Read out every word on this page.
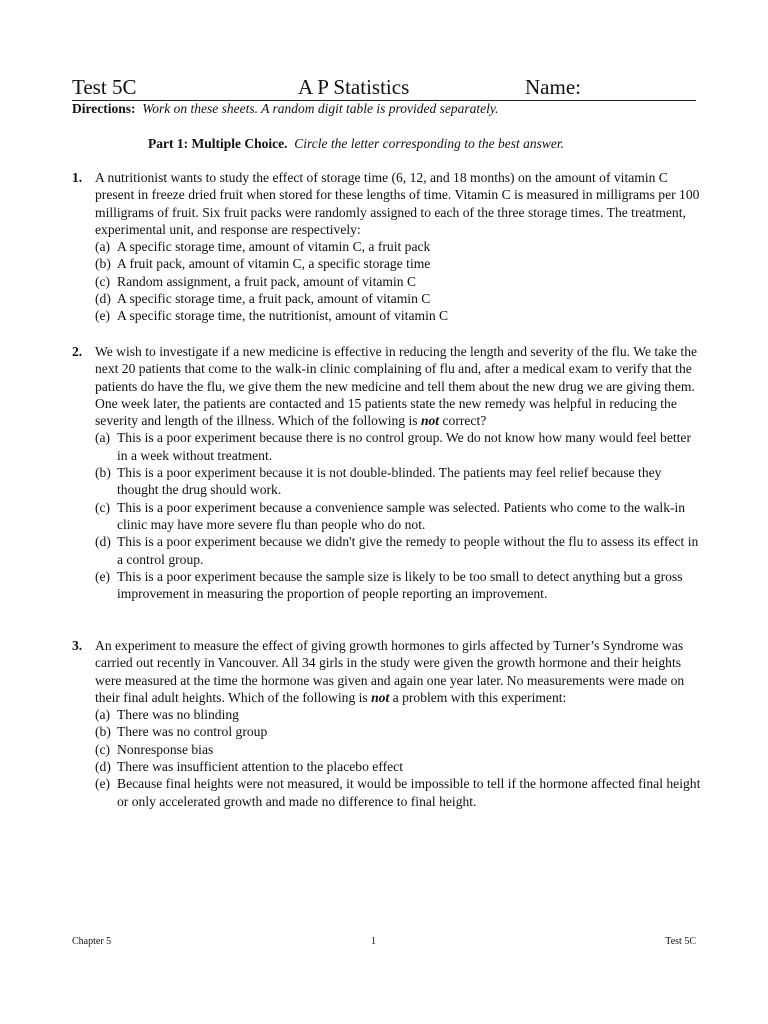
Test 5C	A P Statistics	Name:
Directions: Work on these sheets. A random digit table is provided separately.
Part 1: Multiple Choice. Circle the letter corresponding to the best answer.
1. A nutritionist wants to study the effect of storage time (6, 12, and 18 months) on the amount of vitamin C present in freeze dried fruit when stored for these lengths of time. Vitamin C is measured in milligrams per 100 milligrams of fruit. Six fruit packs were randomly assigned to each of the three storage times. The treatment, experimental unit, and response are respectively:

(a) A specific storage time, amount of vitamin C, a fruit pack
(b) A fruit pack, amount of vitamin C, a specific storage time
(c) Random assignment, a fruit pack, amount of vitamin C
(d) A specific storage time, a fruit pack, amount of vitamin C
(e) A specific storage time, the nutritionist, amount of vitamin C
2. We wish to investigate if a new medicine is effective in reducing the length and severity of the flu. We take the next 20 patients that come to the walk-in clinic complaining of flu and, after a medical exam to verify that the patients do have the flu, we give them the new medicine and tell them about the new drug we are giving them. One week later, the patients are contacted and 15 patients state the new remedy was helpful in reducing the severity and length of the illness. Which of the following is not correct?

(a) This is a poor experiment because there is no control group. We do not know how many would feel better in a week without treatment.
(b) This is a poor experiment because it is not double-blinded. The patients may feel relief because they thought the drug should work.
(c) This is a poor experiment because a convenience sample was selected. Patients who come to the walk-in clinic may have more severe flu than people who do not.
(d) This is a poor experiment because we didn't give the remedy to people without the flu to assess its effect in a control group.
(e) This is a poor experiment because the sample size is likely to be too small to detect anything but a gross improvement in measuring the proportion of people reporting an improvement.
3. An experiment to measure the effect of giving growth hormones to girls affected by Turner’s Syndrome was carried out recently in Vancouver. All 34 girls in the study were given the growth hormone and their heights were measured at the time the hormone was given and again one year later. No measurements were made on their final adult heights. Which of the following is not a problem with this experiment:

(a) There was no blinding
(b) There was no control group
(c) Nonresponse bias
(d) There was insufficient attention to the placebo effect
(e) Because final heights were not measured, it would be impossible to tell if the hormone affected final height or only accelerated growth and made no difference to final height.
Chapter 5	1	Test 5C
